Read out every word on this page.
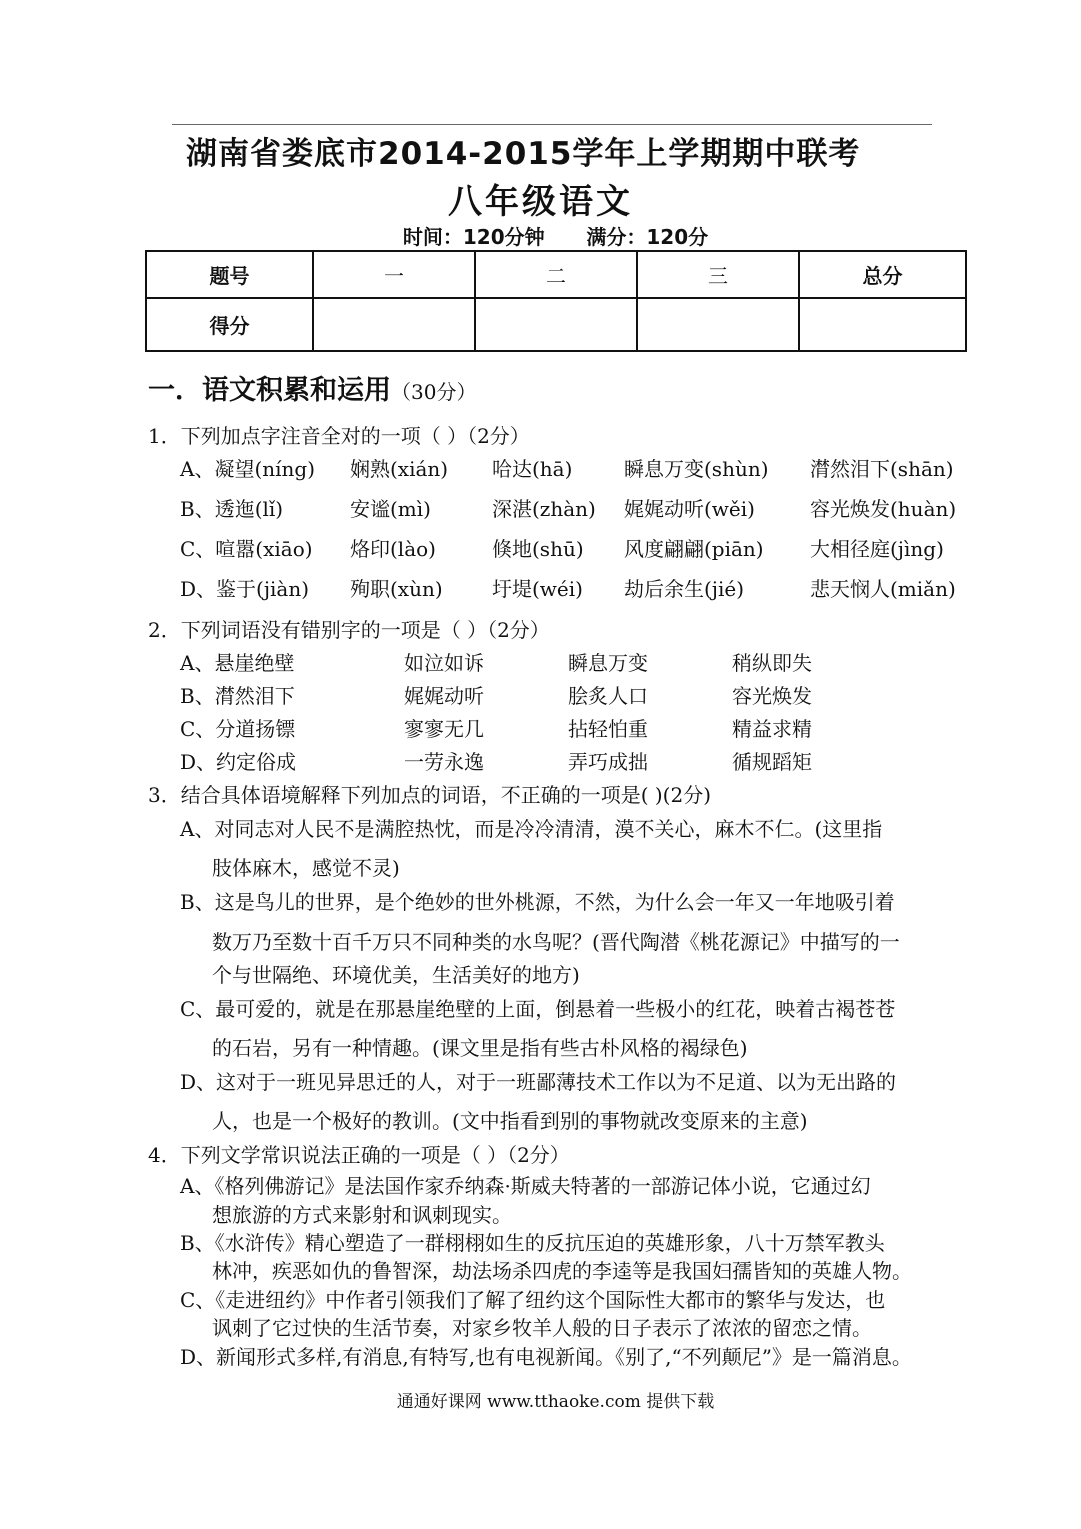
湖南省娄底市2014-2015学年上学期期中联考
八年级语文
时间：120分钟      满分：120分
题号	一	二	三	总分
得分				
一．语文积累和运用（30分）
1．下列加点字注音全对的一项（ ）（2分）
A、凝望(níng) 娴熟(xián) 哈达(hā)	瞬息万变(shùn) 潸然泪下(shān)
B、透迤(lǐ)	安谧(mì)	深湛(zhàn) 娓娓动听(wěi)	容光焕发(huàn)
C、喧嚣(xiāo) 烙印(lào)	倏地(shū) 风度翩翩(piān) 大相径庭(jìng)
D、鉴于(jiàn) 殉职(xùn) 圩堤(wéi) 劫后余生(jié)	悲天悯人(miǎn)
2．下列词语没有错别字的一项是（ ）（2分）
A、悬崖绝壁	如泣如诉	瞬息万变	稍纵即失
B、潸然泪下	娓娓动听	脍炙人口	容光焕发
C、分道扬镖	寥寥无几	拈轻怕重	精益求精
D、约定俗成	一劳永逸	弄巧成拙	循规蹈矩
3．结合具体语境解释下列加点的词语，不正确的一项是( )(2分)
A、对同志对人民不是满腔热忱，而是冷冷清清，漠不关心，麻木不仁。(这里指
肢体麻木，感觉不灵)
B、这是鸟儿的世界，是个绝妙的世外桃源，不然，为什么会一年又一年地吸引着
数万乃至数十百千万只不同种类的水鸟呢？(晋代陶潜《桃花源记》中描写的一
个与世隔绝、环境优美，生活美好的地方)
C、最可爱的，就是在那悬崖绝壁的上面，倒悬着一些极小的红花，映着古褐苍苍
的石岩，另有一种情趣。(课文里是指有些古朴风格的褐绿色)
D、这对于一班见异思迁的人，对于一班鄙薄技术工作以为不足道、以为无出路的
人，也是一个极好的教训。(文中指看到别的事物就改变原来的主意)
4．下列文学常识说法正确的一项是（ ）（2分）
A、《格列佛游记》是法国作家乔纳森·斯威夫特著的一部游记体小说，它通过幻
想旅游的方式来影射和讽刺现实。
B、《水浒传》精心塑造了一群栩栩如生的反抗压迫的英雄形象，八十万禁军教头
林冲，疾恶如仇的鲁智深，劫法场杀四虎的李逵等是我国妇孺皆知的英雄人物。
C、《走进纽约》中作者引领我们了解了纽约这个国际性大都市的繁华与发达，也
讽刺了它过快的生活节奏，对家乡牧羊人般的日子表示了浓浓的留恋之情。
D、新闻形式多样,有消息,有特写,也有电视新闻。《别了,“不列颠尼”》是一篇消息。
通通好课网 www.tthaoke.com 提供下载
